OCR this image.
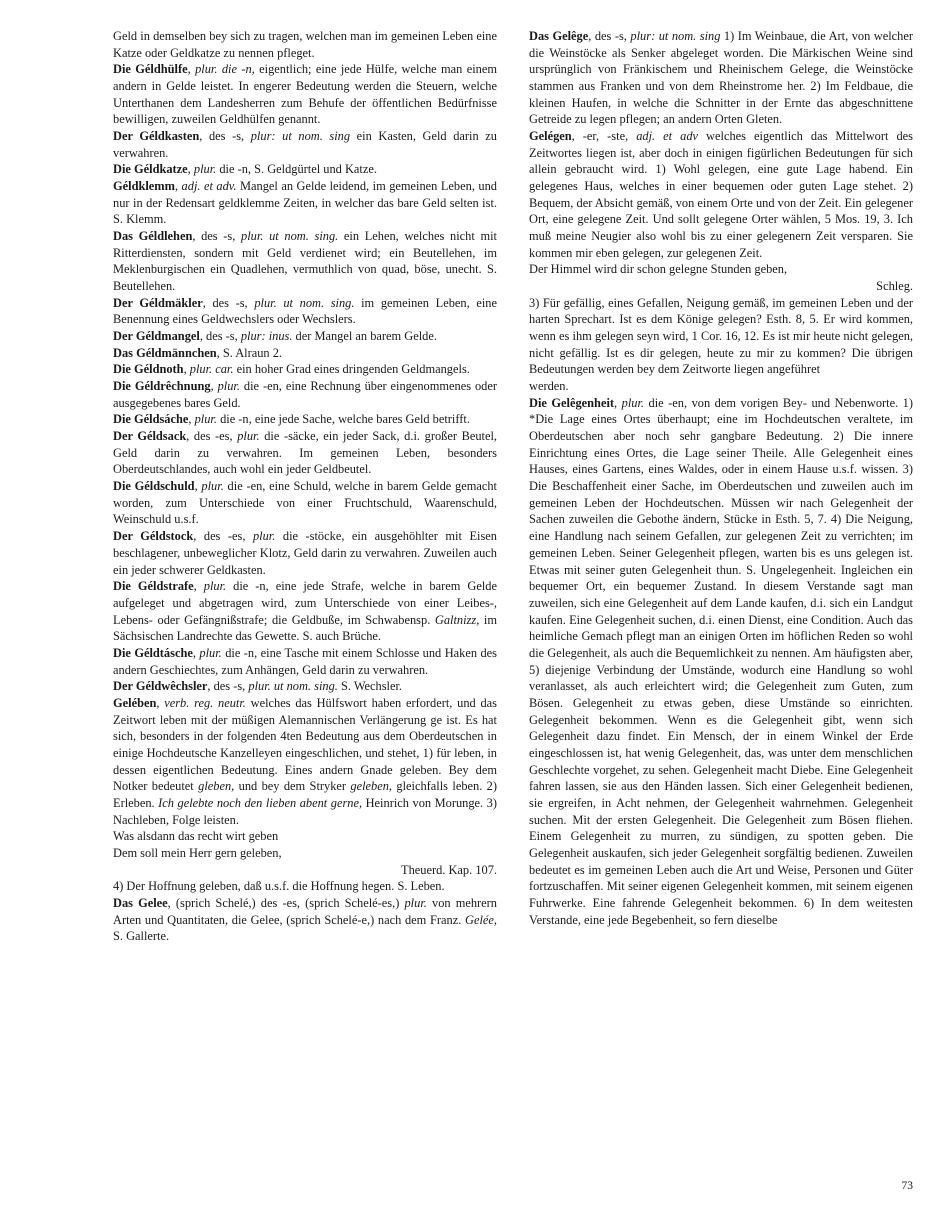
Geld in demselben bey sich zu tragen, welchen man im gemeinen Leben eine Katze oder Geldkatze zu nennen pfleget.

Die Géldhülfe, plur. die -n, eigentlich; eine jede Hülfe, welche man einem andern in Gelde leistet. In engerer Bedeutung werden die Steuern, welche Unterthanen dem Landesherren zum Behufe der öffentlichen Bedürfnisse bewilligen, zuweilen Geldhülfen genannt.

Der Géldkasten, des -s, plur: ut nom. sing ein Kasten, Geld darin zu verwahren.

Die Géldkatze, plur. die -n, S. Geldgürtel und Katze.

Géldklemm, adj. et adv. Mangel an Gelde leidend, im gemeinen Leben, und nur in der Redensart geldklemme Zeiten, in welcher das bare Geld selten ist. S. Klemm.

Das Géldlehen, des -s, plur. ut nom. sing. ein Lehen, welches nicht mit Ritterdiensten, sondern mit Geld verdienet wird; ein Beutellehen, im Meklenburgischen ein Quadlehen, vermuthlich von quad, böse, unecht. S. Beutellehen.

Der Géldmäkler, des -s, plur. ut nom. sing. im gemeinen Leben, eine Benennung eines Geldwechslers oder Wechslers.

Der Géldmangel, des -s, plur: inus. der Mangel an barem Gelde.

Das Géldmännchen, S. Alraun 2.

Die Géldnoth, plur. car. ein hoher Grad eines dringenden Geldmangels.

Die Géldrêchnung, plur. die -en, eine Rechnung über eingenommenes oder ausgegebenes bares Geld.

Die Géldsáche, plur. die -n, eine jede Sache, welche bares Geld betrifft.

Der Géldsack, des -es, plur. die -säcke, ein jeder Sack, d.i. großer Beutel, Geld darin zu verwahren. Im gemeinen Leben, besonders Oberdeutschlandes, auch wohl ein jeder Geldbeutel.

Die Géldschuld, plur. die -en, eine Schuld, welche in barem Gelde gemacht worden, zum Unterschiede von einer Fruchtschuld, Waarenschuld, Weinschuld u.s.f.

Der Géldstock, des -es, plur. die -stöcke, ein ausgehöhlter mit Eisen beschlagener, unbeweglicher Klotz, Geld darin zu verwahren. Zuweilen auch ein jeder schwerer Geldkasten.

Die Géldstrafe, plur. die -n, eine jede Strafe, welche in barem Gelde aufgeleget und abgetragen wird, zum Unterschiede von einer Leibes-, Lebens- oder Gefängnißstrafe; die Geldbuße, im Schwabensp. Galtnizz, im Sächsischen Landrechte das Gewette. S. auch Brüche.

Die Géldtásche, plur. die -n, eine Tasche mit einem Schlosse und Haken des andern Geschiechtes, zum Anhängen, Geld darin zu verwahren.

Der Géldwêchsler, des -s, plur. ut nom. sing. S. Wechsler.

Gelében, verb. reg. neutr. welches das Hülfswort haben erfordert, und das Zeitwort leben mit der müßigen Alemannischen Verlängerung ge ist. Es hat sich, besonders in der folgenden 4ten Bedeutung aus dem Oberdeutschen in einige Hochdeutsche Kanzelleyen eingeschlichen, und stehet, 1) für leben, in dessen eigentlichen Bedeutung. Eines andern Gnade geleben. Bey dem Notker bedeutet gleben, und bey dem Stryker geleben, gleichfalls leben. 2) Erleben. Ich gelebte noch den lieben abent gerne, Heinrich von Morunge. 3) Nachleben, Folge leisten.

Was alsdann das recht wirt geben

Dem soll mein Herr gern geleben,

Theuerd. Kap. 107.

4) Der Hoffnung geleben, daß u.s.f. die Hoffnung hegen. S. Leben.

Das Gelee, (sprich Schelé,) des -es, (sprich Schelé-es,) plur. von mehrern Arten und Quantitaten, die Gelee, (sprich Schelé-e,) nach dem Franz. Gelée, S. Gallerte.

Das Gelêge, des -s, plur: ut nom. sing 1) Im Weinbaue, die Art, von welcher die Weinstöcke als Senker abgeleget worden. Die Märkischen Weine sind ursprünglich von Fränkischem und Rheinischem Gelege, die Weinstöcke stammen aus Franken und von dem Rheinstrome her. 2) Im Feldbaue, die kleinen Haufen, in welche die Schnitter in der Ernte das abgeschnittene Getreide zu legen pflegen; an andern Orten Gleten.

Gelégen, -er, -ste, adj. et adv welches eigentlich das Mittelwort des Zeitwortes liegen ist, aber doch in einigen figürlichen Bedeutungen für sich allein gebraucht wird. 1) Wohl gelegen, eine gute Lage habend. Ein gelegenes Haus, welches in einer bequemen oder guten Lage stehet. 2) Bequem, der Absicht gemäß, von einem Orte und von der Zeit. Ein gelegener Ort, eine gelegene Zeit. Und sollt gelegene Orter wählen, 5 Mos. 19, 3. Ich muß meine Neugier also wohl bis zu einer gelegenern Zeit versparen. Sie kommen mir eben gelegen, zur gelegenen Zeit.

Der Himmel wird dir schon gelegne Stunden geben,

Schleg.

3) Für gefällig, eines Gefallen, Neigung gemäß, im gemeinen Leben und der harten Sprechart. Ist es dem Könige gelegen? Esth. 8, 5. Er wird kommen, wenn es ihm gelegen seyn wird, 1 Cor. 16, 12. Es ist mir heute nicht gelegen, nicht gefällig. Ist es dir gelegen, heute zu mir zu kommen? Die übrigen Bedeutungen werden bey dem Zeitworte liegen angeführet

werden.

Die Gelêgenheit, plur. die -en, von dem vorigen Bey- und Nebenworte. 1) *Die Lage eines Ortes überhaupt; eine im Hochdeutschen veraltete, im Oberdeutschen aber noch sehr gangbare Bedeutung. 2) Die innere Einrichtung eines Ortes, die Lage seiner Theile. Alle Gelegenheit eines Hauses, eines Gartens, eines Waldes, oder in einem Hause u.s.f. wissen. 3) Die Beschaffenheit einer Sache, im Oberdeutschen und zuweilen auch im gemeinen Leben der Hochdeutschen. Müssen wir nach Gelegenheit der Sachen zuweilen die Gebothe ändern, Stücke in Esth. 5, 7. 4) Die Neigung, eine Handlung nach seinem Gefallen, zur gelegenen Zeit zu verrichten; im gemeinen Leben. Seiner Gelegenheit pflegen, warten bis es uns gelegen ist. Etwas mit seiner guten Gelegenheit thun. S. Ungelegenheit. Ingleichen ein bequemer Ort, ein bequemer Zustand. In diesem Verstande sagt man zuweilen, sich eine Gelegenheit auf dem Lande kaufen, d.i. sich ein Landgut kaufen. Eine Gelegenheit suchen, d.i. einen Dienst, eine Condition. Auch das heimliche Gemach pflegt man an einigen Orten im höflichen Reden so wohl die Gelegenheit, als auch die Bequemlichkeit zu nennen. Am häufigsten aber, 5) diejenige Verbindung der Umstände, wodurch eine Handlung so wohl veranlasset, als auch erleichtert wird; die Gelegenheit zum Guten, zum Bösen. Gelegenheit zu etwas geben, diese Umstände so einrichten. Gelegenheit bekommen. Wenn es die Gelegenheit gibt, wenn sich Gelegenheit dazu findet. Ein Mensch, der in einem Winkel der Erde eingeschlossen ist, hat wenig Gelegenheit, das, was unter dem menschlichen Geschlechte vorgehet, zu sehen. Gelegenheit macht Diebe. Eine Gelegenheit fahren lassen, sie aus den Händen lassen. Sich einer Gelegenheit bedienen, sie ergreifen, in Acht nehmen, der Gelegenheit wahrnehmen. Gelegenheit suchen. Mit der ersten Gelegenheit. Die Gelegenheit zum Bösen fliehen. Einem Gelegenheit zu murren, zu sündigen, zu spotten geben. Die Gelegenheit auskaufen, sich jeder Gelegenheit sorgfältig bedienen. Zuweilen bedeutet es im gemeinen Leben auch die Art und Weise, Personen und Güter fortzuschaffen. Mit seiner eigenen Gelegenheit kommen, mit seinem eigenen Fuhrwerke. Eine fahrende Gelegenheit bekommen. 6) In dem weitesten Verstande, eine jede Begebenheit, so fern dieselbe

73
